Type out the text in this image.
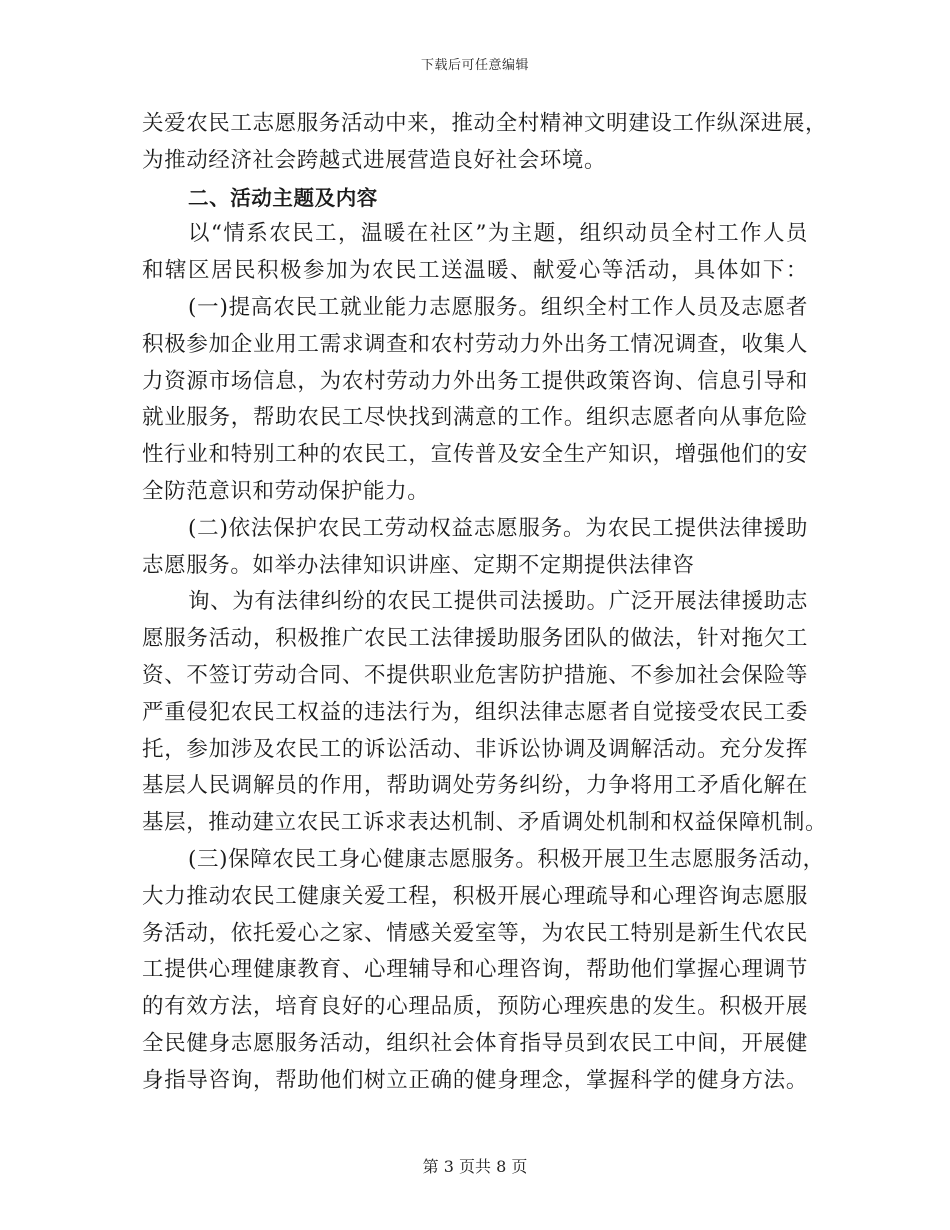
下载后可任意编辑
关爱农民工志愿服务活动中来，推动全村精神文明建设工作纵深进展，
为推动经济社会跨越式进展营造良好社会环境。
二、活动主题及内容
以“情系农民工，温暖在社区”为主题，组织动员全村工作人员
和辖区居民积极参加为农民工送温暖、献爱心等活动，具体如下：
(一)提高农民工就业能力志愿服务。组织全村工作人员及志愿者
积极参加企业用工需求调查和农村劳动力外出务工情况调查，收集人
力资源市场信息，为农村劳动力外出务工提供政策咨询、信息引导和
就业服务，帮助农民工尽快找到满意的工作。组织志愿者向从事危险
性行业和特别工种的农民工，宣传普及安全生产知识，增强他们的安
全防范意识和劳动保护能力。
(二)依法保护农民工劳动权益志愿服务。为农民工提供法律援助
志愿服务。如举办法律知识讲座、定期不定期提供法律咨
询、为有法律纠纷的农民工提供司法援助。广泛开展法律援助志
愿服务活动，积极推广农民工法律援助服务团队的做法，针对拖欠工
资、不签订劳动合同、不提供职业危害防护措施、不参加社会保险等
严重侵犯农民工权益的违法行为，组织法律志愿者自觉接受农民工委
托，参加涉及农民工的诉讼活动、非诉讼协调及调解活动。充分发挥
基层人民调解员的作用，帮助调处劳务纠纷，力争将用工矛盾化解在
基层，推动建立农民工诉求表达机制、矛盾调处机制和权益保障机制。
(三)保障农民工身心健康志愿服务。积极开展卫生志愿服务活动，
大力推动农民工健康关爱工程，积极开展心理疏导和心理咨询志愿服
务活动，依托爱心之家、情感关爱室等，为农民工特别是新生代农民
工提供心理健康教育、心理辅导和心理咨询，帮助他们掌握心理调节
的有效方法，培育良好的心理品质，预防心理疾患的发生。积极开展
全民健身志愿服务活动，组织社会体育指导员到农民工中间，开展健
身指导咨询，帮助他们树立正确的健身理念，掌握科学的健身方法。
第 3 页共 8 页
